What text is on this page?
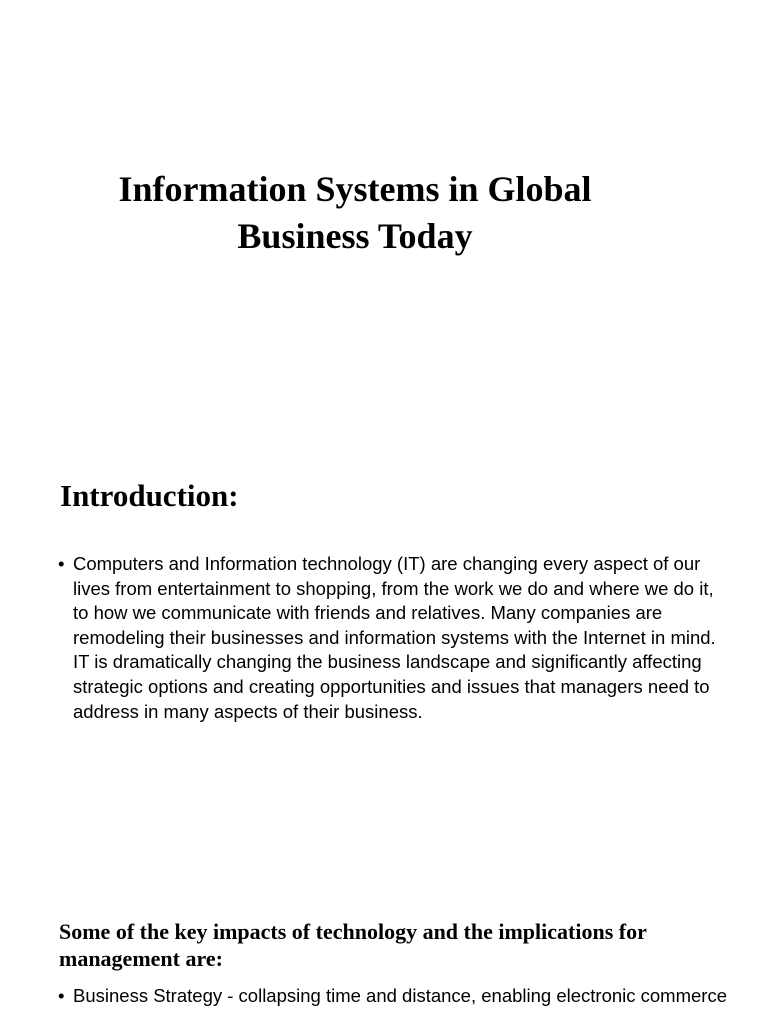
Information Systems in Global
Business Today
Introduction:
• Computers and Information technology (IT) are changing every aspect of our lives from entertainment to shopping, from the work we do and where we do it, to how we communicate with friends and relatives. Many companies are remodeling their businesses and information systems with the Internet in mind. IT is dramatically changing the business landscape and significantly affecting strategic options and creating opportunities and issues that managers need to address in many aspects of their business.
Some of the key impacts of technology and the implications for management are:
• Business Strategy - collapsing time and distance, enabling electronic commerce
